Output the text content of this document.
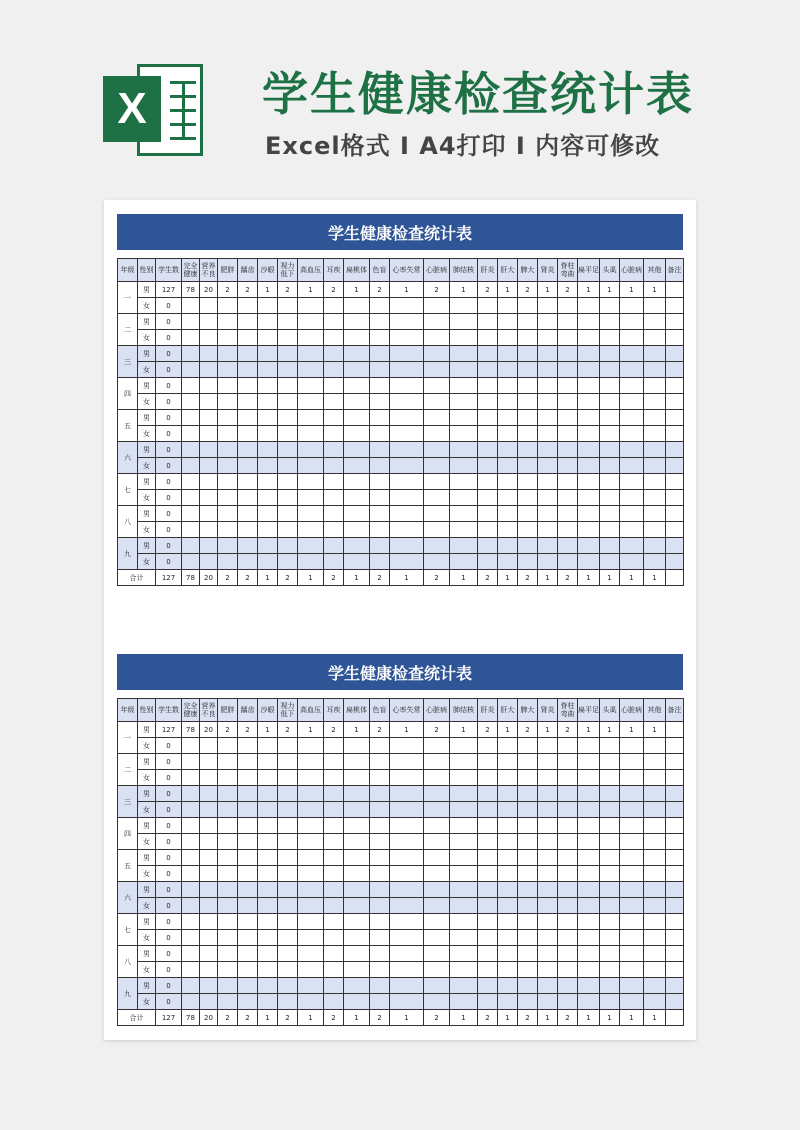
X	学生健康检查统计表
Excel格式 I A4打印 I 内容可修改
学生健康检查统计表
年级	性别	学生数	完全健康	营养不良	肥胖	龋齿	沙眼	视力低下	高血压	耳疾	扁桃体	色盲	心率失常	心脏病	肺结核	肝炎	肝大	脾大	肾炎	脊柱弯曲	扁平足	头虱	心脏病	其他	备注
一	男	127	78	20	2	2	1	2	1	2	1	2	1	2	1	2	1	2	1	2	1	1	1	1	
	女	0																							
二	男	0																							
	女	0																							
三	男	0																							
	女	0																							
四	男	0																							
	女	0																							
五	男	0																							
	女	0																							
六	男	0																							
	女	0																							
七	男	0																							
	女	0																							
八	男	0																							
	女	0																							
九	男	0																							
	女	0																							
合计		127	78	20	2	2	1	2	1	2	1	2	1	2	1	2	1	2	1	2	1	1	1	1	
学生健康检查统计表
年级	性别	学生数	完全健康	营养不良	肥胖	龋齿	沙眼	视力低下	高血压	耳疾	扁桃体	色盲	心率失常	心脏病	肺结核	肝炎	肝大	脾大	肾炎	脊柱弯曲	扁平足	头虱	心脏病	其他	备注
一	男	127	78	20	2	2	1	2	1	2	1	2	1	2	1	2	1	2	1	2	1	1	1	1	
	女	0																							
二	男	0																							
	女	0																							
三	男	0																							
	女	0																							
四	男	0																							
	女	0																							
五	男	0																							
	女	0																							
六	男	0																							
	女	0																							
七	男	0																							
	女	0																							
八	男	0																							
	女	0																							
九	男	0																							
	女	0																							
合计		127	78	20	2	2	1	2	1	2	1	2	1	2	1	2	1	2	1	2	1	1	1	1	
